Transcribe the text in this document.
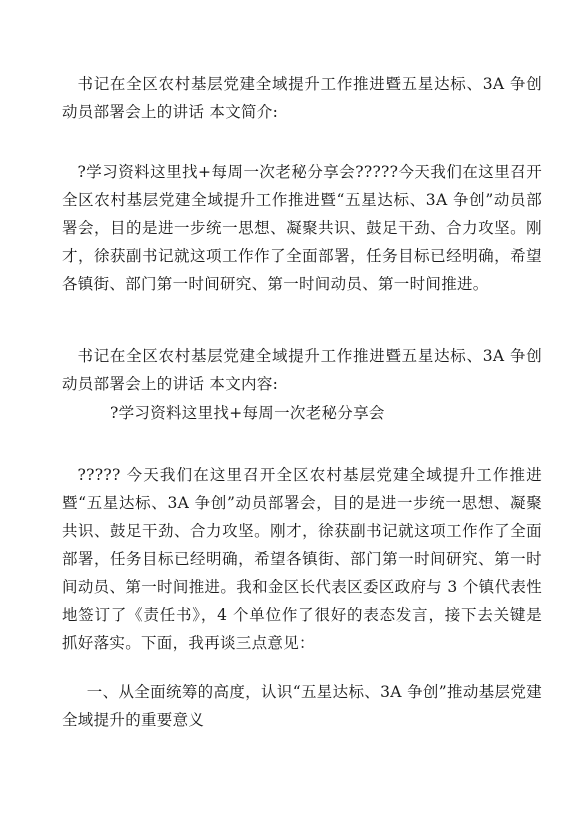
书记在全区农村基层党建全域提升工作推进暨五星达标、3A 争创动员部署会上的讲话 本文简介:

?学习资料这里找+每周一次老秘分享会?????今天我们在这里召开全区农村基层党建全域提升工作推进暨“五星达标、3A 争创”动员部署会，目的是进一步统一思想、凝聚共识、鼓足干劲、合力攻坚。刚才，徐获副书记就这项工作作了全面部署，任务目标已经明确，希望各镇街、部门第一时间研究、第一时间动员、第一时间推进。

书记在全区农村基层党建全域提升工作推进暨五星达标、3A 争创动员部署会上的讲话 本文内容:

?学习资料这里找+每周一次老秘分享会

????? 今天我们在这里召开全区农村基层党建全域提升工作推进暨“五星达标、3A 争创”动员部署会，目的是进一步统一思想、凝聚共识、鼓足干劲、合力攻坚。刚才，徐获副书记就这项工作作了全面部署，任务目标已经明确，希望各镇街、部门第一时间研究、第一时间动员、第一时间推进。我和金区长代表区委区政府与 3 个镇代表性地签订了《责任书》，4 个单位作了很好的表态发言，接下去关键是抓好落实。下面，我再谈三点意见：

一、从全面统筹的高度，认识“五星达标、3A 争创”推动基层党建全域提升的重要意义
